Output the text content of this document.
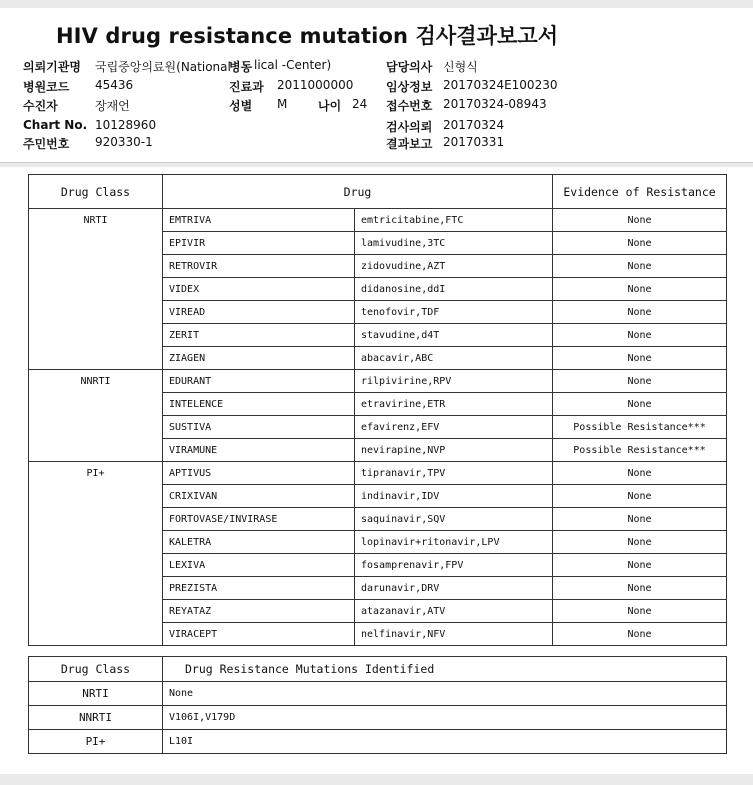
HIV drug resistance mutation 검사결과보고서
의뢰기관명 국립중앙의료원(National
병동 lical -Center)
병원코드 45436	진료과 2011000000
수진자	장재언	성별 M	나이 24
Chart No. 10128960
주민번호 920330-1
담당의사 신형식
임상정보 20170324E100230
접수번호 20170324-08943
검사의뢰 20170324
결과보고 20170331
Drug Class	Drug		Evidence of Resistance
NRTI	EMTRIVA	emtricitabine,FTC	None
	EPIVIR	lamivudine,3TC	None
	RETROVIR	zidovudine,AZT	None
	VIDEX	didanosine,ddI	None
	VIREAD	tenofovir,TDF	None
	ZERIT	stavudine,d4T	None
	ZIAGEN	abacavir,ABC	None
NNRTI	EDURANT	rilpivirine,RPV	None
	INTELENCE	etravirine,ETR	None
	SUSTIVA	efavirenz,EFV	Possible Resistance***
	VIRAMUNE	nevirapine,NVP	Possible Resistance***
PI+	APTIVUS	tipranavir,TPV	None
	CRIXIVAN	indinavir,IDV	None
	FORTOVASE/INVIRASE	saquinavir,SQV	None
	KALETRA	lopinavir+ritonavir,LPV	None
	LEXIVA	fosamprenavir,FPV	None
	PREZISTA	darunavir,DRV	None
	REYATAZ	atazanavir,ATV	None
	VIRACEPT	nelfinavir,NFV	None
Drug Class	Drug Resistance Mutations Identified
NRTI	None
NNRTI	V106I,V179D
PI+	L10I
